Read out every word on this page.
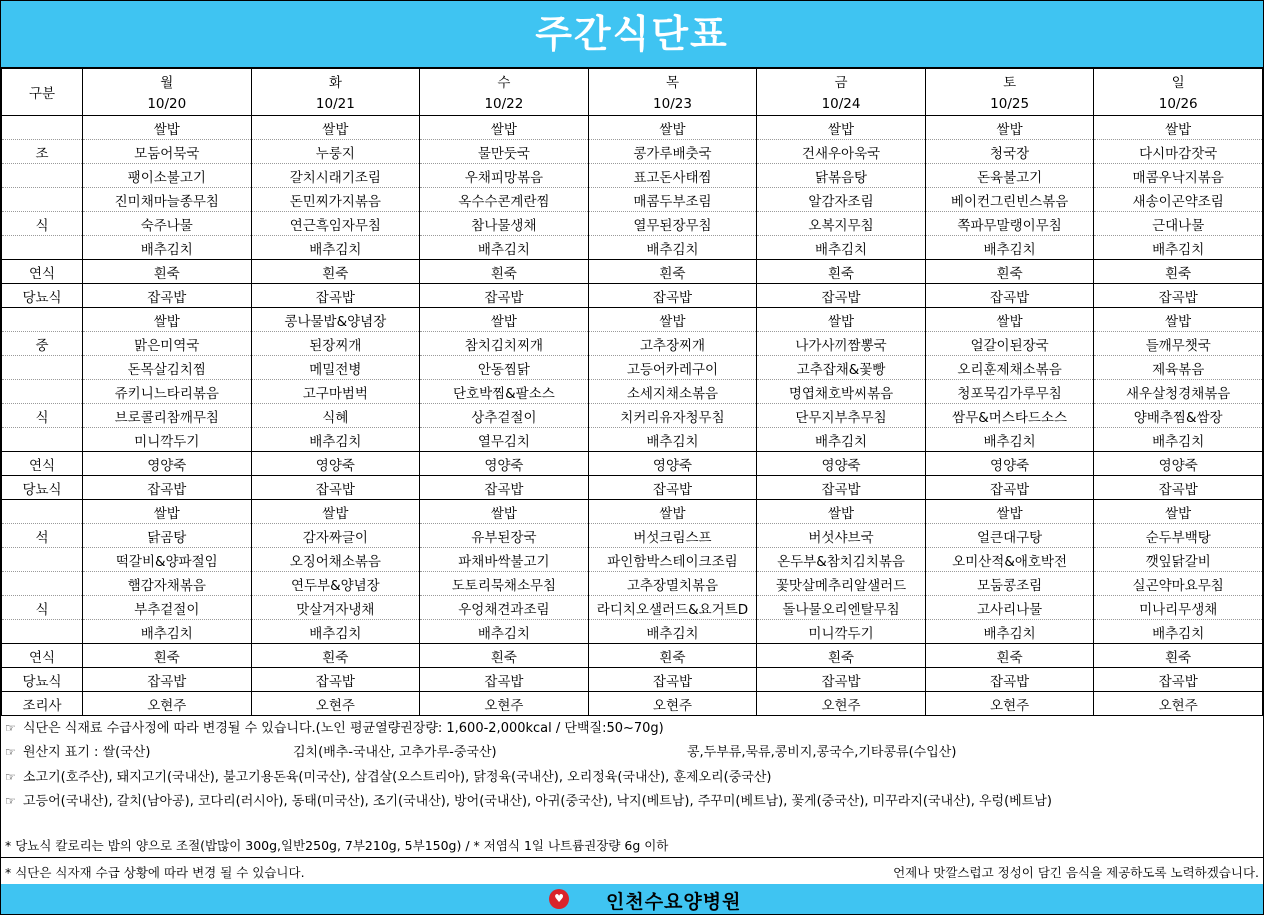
주간식단표
구분	월	화	수	목	금	토	일
	10/20	10/21	10/22	10/23	10/24	10/25	10/26
	쌀밥	쌀밥	쌀밥	쌀밥	쌀밥	쌀밥	쌀밥
조	모둠어묵국	누룽지	물만둣국	콩가루배춧국	건새우아욱국	청국장	다시마감잣국
	팽이소불고기	갈치시래기조림	우채피망볶음	표고돈사태찜	닭볶음탕	돈육불고기	매콤우낙지볶음
	진미채마늘종무침	돈민찌가지볶음	옥수수콘계란찜	매콤두부조림	알감자조림	베이컨그린빈스볶음	새송이곤약조림
식	숙주나물	연근흑임자무침	참나물생채	열무된장무침	오복지무침	쪽파무말랭이무침	근대나물
	배추김치	배추김치	배추김치	배추김치	배추김치	배추김치	배추김치
연식	흰죽	흰죽	흰죽	흰죽	흰죽	흰죽	흰죽
당뇨식	잡곡밥	잡곡밥	잡곡밥	잡곡밥	잡곡밥	잡곡밥	잡곡밥
	쌀밥	콩나물밥&양념장	쌀밥	쌀밥	쌀밥	쌀밥	쌀밥
중	맑은미역국	된장찌개	참치김치찌개	고추장찌개	나가사끼짬뽕국	얼갈이된장국	들깨무챗국
	돈목살김치찜	메밀전병	안동찜닭	고등어카레구이	고추잡채&꽃빵	오리훈제채소볶음	제육볶음
	쥬키니느타리볶음	고구마범벅	단호박찜&팔소스	소세지채소볶음	명엽채호박씨볶음	청포묵김가루무침	새우살청경채볶음
식	브로콜리참깨무침	식혜	상추겉절이	치커리유자청무침	단무지부추무침	쌈무&머스타드소스	양배추찜&쌈장
	미니깍두기	배추김치	열무김치	배추김치	배추김치	배추김치	배추김치
연식	영양죽	영양죽	영양죽	영양죽	영양죽	영양죽	영양죽
당뇨식	잡곡밥	잡곡밥	잡곡밥	잡곡밥	잡곡밥	잡곡밥	잡곡밥
	쌀밥	쌀밥	쌀밥	쌀밥	쌀밥	쌀밥	쌀밥
석	닭곰탕	감자짜글이	유부된장국	버섯크림스프	버섯샤브국	얼큰대구탕	순두부백탕
	떡갈비&양파절임	오징어채소볶음	파채바싹불고기	파인함박스테이크조림	온두부&참치김치볶음	오미산적&애호박전	깻잎닭갈비
	햄감자채볶음	연두부&양념장	도토리묵채소무침	고추장멸치볶음	꽃맛살메추리알샐러드	모둠콩조림	실곤약마요무침
식	부추겉절이	맛살겨자냉채	우엉채견과조림	라디치오샐러드&요거트D	돌나물오리엔탈무침	고사리나물	미나리무생채
	배추김치	배추김치	배추김치	배추김치	미니깍두기	배추김치	배추김치
연식	흰죽	흰죽	흰죽	흰죽	흰죽	흰죽	흰죽
당뇨식	잡곡밥	잡곡밥	잡곡밥	잡곡밥	잡곡밥	잡곡밥	잡곡밥
조리사	오현주	오현주	오현주	오현주	오현주	오현주	오현주
☞ 식단은 식재료 수급사정에 따라 변경될 수 있습니다.(노인 평균열량권장량: 1,600-2,000kcal / 단백질:50~70g)
☞ 원산지 표기 : 쌀(국산)	김치(배추-국내산, 고추가루-중국산)	콩,두부류,묵류,콩비지,콩국수,기타콩류(수입산)
☞ 소고기(호주산), 돼지고기(국내산), 불고기용돈육(미국산), 삼겹살(오스트리아), 닭정육(국내산), 오리정육(국내산), 훈제오리(중국산)
☞ 고등어(국내산), 갈치(남아공), 코다리(러시아), 동태(미국산), 조기(국내산), 방어(국내산), 아귀(중국산), 낙지(베트남), 주꾸미(베트남), 꽃게(중국산), 미꾸라지(국내산), 우렁(베트남)
* 당뇨식 칼로리는 밥의 양으로 조절(밥많이 300g,일반250g, 7부210g, 5부150g) / * 저염식 1일 나트륨권장량 6g 이하
* 식단은 식자재 수급 상황에 따라 변경 될 수 있습니다.	언제나 맛깔스럽고 정성이 담긴 음식을 제공하도록 노력하겠습니다.
♥ 인천수요양병원
